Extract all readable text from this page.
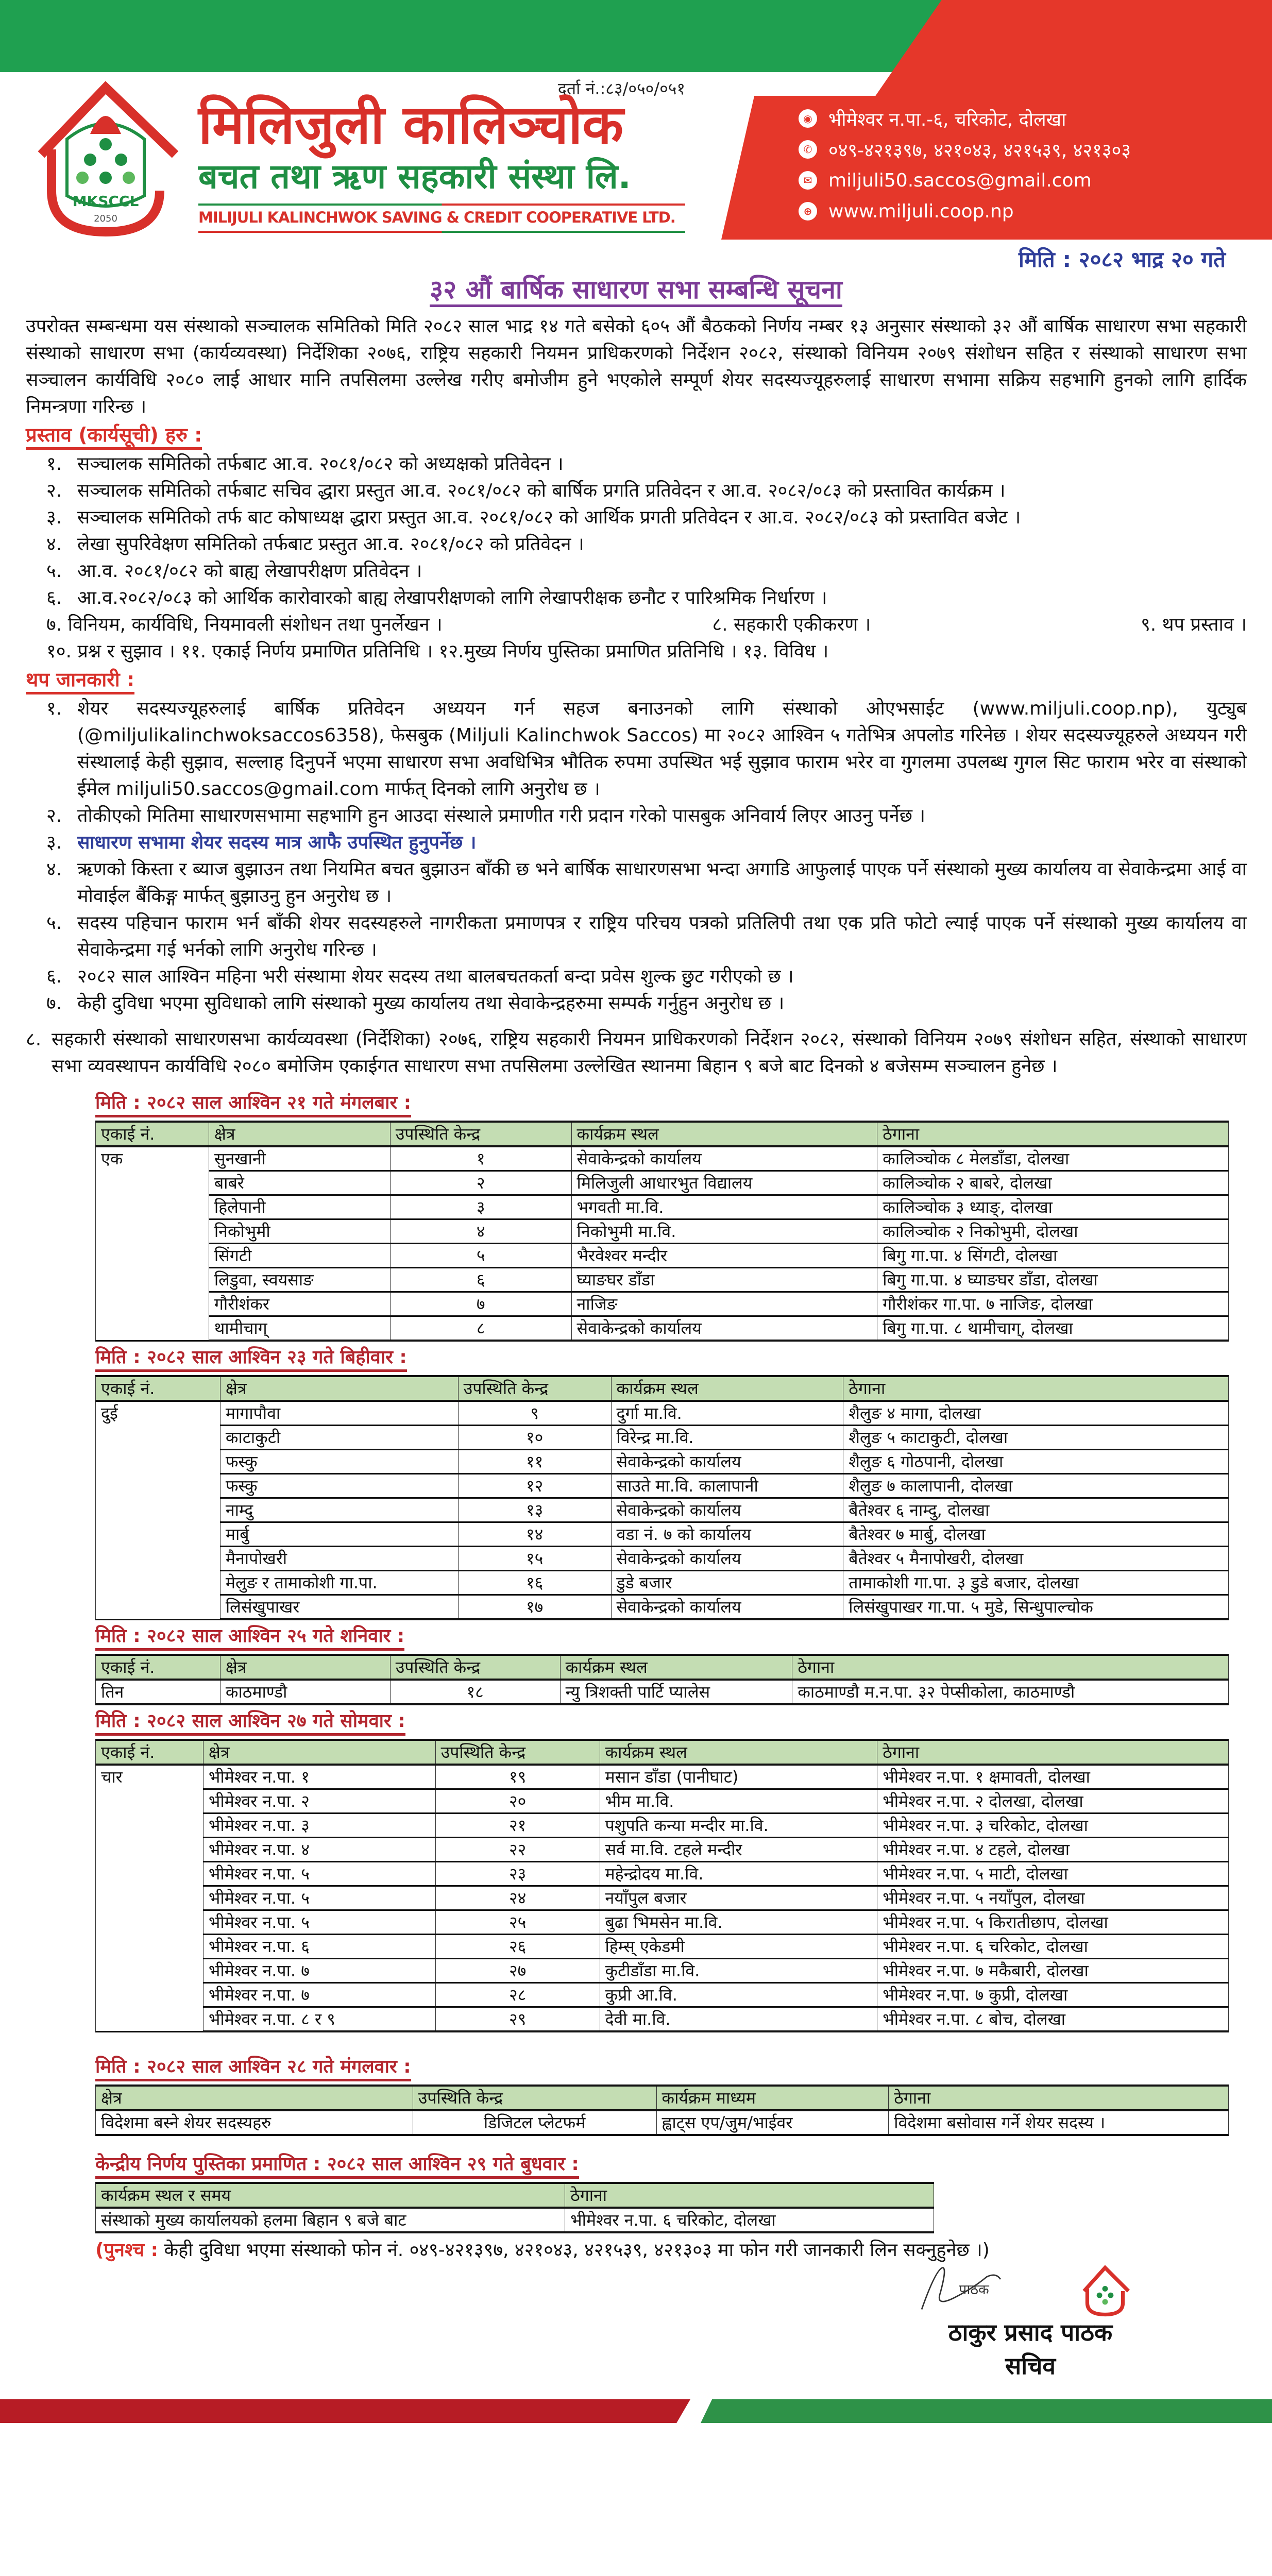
MKSCCL
2050
दर्ता नं.:८३/०५०/०५१
मिलिजुली कालिञ्चोक
बचत तथा ऋण सहकारी संस्था लि.
MILIJULI KALINCHWOK SAVING & CREDIT COOPERATIVE LTD.
◉ भीमेश्वर न.पा.-६, चरिकोट, दोलखा
✆ ०४९-४२१३९७, ४२१०४३, ४२१५३९, ४२१३०३
✉ miljuli50.saccos@gmail.com
⊕ www.miljuli.coop.np
मिति : २०८२ भाद्र २० गते
३२ औं बार्षिक साधारण सभा सम्बन्धि सूचना

उपरोक्त सम्बन्धमा यस संस्थाको सञ्चालक समितिको मिति २०८२ साल भाद्र १४ गते बसेको ६०५ औं बैठकको निर्णय नम्बर १३ अनुसार संस्थाको ३२ औं बार्षिक साधारण सभा सहकारी संस्थाको साधारण सभा (कार्यव्यवस्था) निर्देशिका २०७६, राष्ट्रिय सहकारी नियमन प्राधिकरणको निर्देशन २०८२, संस्थाको विनियम २०७९ संशोधन सहित र संस्थाको साधारण सभा सञ्चालन कार्यविधि २०८० लाई आधार मानि तपसिलमा उल्लेख गरीए बमोजीम हुने भएकोले सम्पूर्ण शेयर सदस्यज्यूहरुलाई साधारण सभामा सक्रिय सहभागि हुनको लागि हार्दिक निमन्त्रणा गरिन्छ ।

प्रस्ताव (कार्यसूची) हरु :
१. सञ्चालक समितिको तर्फबाट आ.व. २०८१/०८२ को अध्यक्षको प्रतिवेदन ।
२. सञ्चालक समितिको तर्फबाट सचिव द्धारा प्रस्तुत आ.व. २०८१/०८२ को बार्षिक प्रगति प्रतिवेदन र आ.व. २०८२/०८३ को प्रस्तावित कार्यक्रम ।
३. सञ्चालक समितिको तर्फ बाट कोषाध्यक्ष द्धारा प्रस्तुत आ.व. २०८१/०८२ को आर्थिक प्रगती प्रतिवेदन र आ.व. २०८२/०८३ को प्रस्तावित बजेट ।
४. लेखा सुपरिवेक्षण समितिको तर्फबाट प्रस्तुत आ.व. २०८१/०८२ को प्रतिवेदन ।
५. आ.व. २०८१/०८२ को बाह्य लेखापरीक्षण प्रतिवेदन ।
६. आ.व.२०८२/०८३ को आर्थिक कारोवारको बाह्य लेखापरीक्षणको लागि लेखापरीक्षक छनौट र पारिश्रमिक निर्धारण ।
७. विनियम, कार्यविधि, नियमावली संशोधन तथा पुनर्लेखन ।	८. सहकारी एकीकरण ।	९. थप प्रस्ताव ।
१०. प्रश्न र सुझाव । ११. एकाई निर्णय प्रमाणित प्रतिनिधि । १२.मुख्य निर्णय पुस्तिका प्रमाणित प्रतिनिधि । १३. विविध ।
थप जानकारी :
१. शेयर सदस्यज्यूहरुलाई बार्षिक प्रतिवेदन अध्ययन गर्न सहज बनाउनको लागि संस्थाको ओएभसाईट (www.miljuli.coop.np), युट्युब (@miljulikalinchwoksaccos6358), फेसबुक (Miljuli Kalinchwok Saccos) मा २०८२ आश्विन ५ गतेभित्र अपलोड गरिनेछ । शेयर सदस्यज्यूहरुले अध्ययन गरी संस्थालाई केही सुझाव, सल्लाह दिनुपर्ने भएमा साधारण सभा अवधिभित्र भौतिक रुपमा उपस्थित भई सुझाव फाराम भरेर वा गुगलमा उपलब्ध गुगल सिट फाराम भरेर वा संस्थाको ईमेल miljuli50.saccos@gmail.com मार्फत् दिनको लागि अनुरोध छ ।
२. तोकीएको मितिमा साधारणसभामा सहभागि हुन आउदा संस्थाले प्रमाणीत गरी प्रदान गरेको पासबुक अनिवार्य लिएर आउनु पर्नेछ ।
३. साधारण सभामा शेयर सदस्य मात्र आफै उपस्थित हुनुपर्नेछ ।
४. ऋणको किस्ता र ब्याज बुझाउन तथा नियमित बचत बुझाउन बाँकी छ भने बार्षिक साधारणसभा भन्दा अगाडि आफुलाई पाएक पर्ने संस्थाको मुख्य कार्यालय वा सेवाकेन्द्रमा आई वा मोवाईल बैंकिङ्ग मार्फत् बुझाउनु हुन अनुरोध छ ।
५. सदस्य पहिचान फाराम भर्न बाँकी शेयर सदस्यहरुले नागरीकता प्रमाणपत्र र राष्ट्रिय परिचय पत्रको प्रतिलिपी तथा एक प्रति फोटो ल्याई पाएक पर्ने संस्थाको मुख्य कार्यालय वा सेवाकेन्द्रमा गई भर्नको लागि अनुरोध गरिन्छ ।
६. २०८२ साल आश्विन महिना भरी संस्थामा शेयर सदस्य तथा बालबचतकर्ता बन्दा प्रवेस शुल्क छुट गरीएको छ ।
७. केही दुविधा भएमा सुविधाको लागि संस्थाको मुख्य कार्यालय तथा सेवाकेन्द्रहरुमा सम्पर्क गर्नुहुन अनुरोध छ ।
८. सहकारी संस्थाको साधारणसभा कार्यव्यवस्था (निर्देशिका) २०७६, राष्ट्रिय सहकारी नियमन प्राधिकरणको निर्देशन २०८२, संस्थाको विनियम २०७९ संशोधन सहित, संस्थाको साधारण सभा व्यवस्थापन कार्यविधि २०८० बमोजिम एकाईगत साधारण सभा तपसिलमा उल्लेखित स्थानमा बिहान ९ बजे बाट दिनको ४ बजेसम्म सञ्चालन हुनेछ ।
मिति : २०८२ साल आश्विन २१ गते मंगलबार :
एकाई नं.	क्षेत्र	उपस्थिति केन्द्र	कार्यक्रम स्थल	ठेगाना
एक	सुनखानी	१	सेवाकेन्द्रको कार्यालय	कालिञ्चोक ८ मेलडाँडा, दोलखा
	बाबरे	२	मिलिजुली आधारभुत विद्यालय	कालिञ्चोक २ बाबरे, दोलखा
	हिलेपानी	३	भगवती मा.वि.	कालिञ्चोक ३ ध्याङ्, दोलखा
	निकोभुमी	४	निकोभुमी मा.वि.	कालिञ्चोक २ निकोभुमी, दोलखा
	सिंगटी	५	भैरवेश्वर मन्दीर	बिगु गा.पा. ४ सिंगटी, दोलखा
	लिडुवा, स्वयसाङ	६	घ्याङघर डाँडा	बिगु गा.पा. ४ घ्याङघर डाँडा, दोलखा
	गौरीशंकर	७	नाजिङ	गौरीशंकर गा.पा. ७ नाजिङ, दोलखा
	थामीचाग्	८	सेवाकेन्द्रको कार्यालय	बिगु गा.पा. ८ थामीचाग्, दोलखा
मिति : २०८२ साल आश्विन २३ गते बिहीवार :
एकाई नं.	क्षेत्र	उपस्थिति केन्द्र	कार्यक्रम स्थल	ठेगाना
दुई	मागापौवा	९	दुर्गा मा.वि.	शैलुङ ४ मागा, दोलखा
	काटाकुटी	१०	विरेन्द्र मा.वि.	शैलुङ ५ काटाकुटी, दोलखा
	फस्कु	११	सेवाकेन्द्रको कार्यालय	शैलुङ ६ गोठपानी, दोलखा
	फस्कु	१२	साउते मा.वि. कालापानी	शैलुङ ७ कालापानी, दोलखा
	नाम्दु	१३	सेवाकेन्द्रको कार्यालय	बैतेश्वर ६ नाम्दु, दोलखा
	मार्बु	१४	वडा नं. ७ को कार्यालय	बैतेश्वर ७ मार्बु, दोलखा
	मैनापोखरी	१५	सेवाकेन्द्रको कार्यालय	बैतेश्वर ५ मैनापोखरी, दोलखा
	मेलुङ र तामाकोशी गा.पा.	१६	डुडे बजार	तामाकोशी गा.पा. ३ डुडे बजार, दोलखा
	लिसंखुपाखर	१७	सेवाकेन्द्रको कार्यालय	लिसंखुपाखर गा.पा. ५ मुडे, सिन्धुपाल्चोक
मिति : २०८२ साल आश्विन २५ गते शनिवार :
एकाई नं.	क्षेत्र	उपस्थिति केन्द्र	कार्यक्रम स्थल	ठेगाना
तिन	काठमाण्डौ	१८	न्यु त्रिशक्ती पार्टि प्यालेस	काठमाण्डौ म.न.पा. ३२ पेप्सीकोला, काठमाण्डौ
मिति : २०८२ साल आश्विन २७ गते सोमवार :
एकाई नं.	क्षेत्र	उपस्थिति केन्द्र	कार्यक्रम स्थल	ठेगाना
चार	भीमेश्वर न.पा. १	१९	मसान डाँडा (पानीघाट)	भीमेश्वर न.पा. १ क्षमावती, दोलखा
	भीमेश्वर न.पा. २	२०	भीम मा.वि.	भीमेश्वर न.पा. २ दोलखा, दोलखा
	भीमेश्वर न.पा. ३	२१	पशुपति कन्या मन्दीर मा.वि.	भीमेश्वर न.पा. ३ चरिकोट, दोलखा
	भीमेश्वर न.पा. ४	२२	सर्व मा.वि. टहले मन्दीर	भीमेश्वर न.पा. ४ टहले, दोलखा
	भीमेश्वर न.पा. ५	२३	महेन्द्रोदय मा.वि.	भीमेश्वर न.पा. ५ माटी, दोलखा
	भीमेश्वर न.पा. ५	२४	नयाँपुल बजार	भीमेश्वर न.पा. ५ नयाँपुल, दोलखा
	भीमेश्वर न.पा. ५	२५	बुढा भिमसेन मा.वि.	भीमेश्वर न.पा. ५ किरातीछाप, दोलखा
	भीमेश्वर न.पा. ६	२६	हिम्स् एकेडमी	भीमेश्वर न.पा. ६ चरिकोट, दोलखा
	भीमेश्वर न.पा. ७	२७	कुटीडाँडा मा.वि.	भीमेश्वर न.पा. ७ मकैबारी, दोलखा
	भीमेश्वर न.पा. ७	२८	कुप्री आ.वि.	भीमेश्वर न.पा. ७ कुप्री, दोलखा
	भीमेश्वर न.पा. ८ र ९	२९	देवी मा.वि.	भीमेश्वर न.पा. ८ बोच, दोलखा
मिति : २०८२ साल आश्विन २८ गते मंगलवार :
क्षेत्र	उपस्थिति केन्द्र	कार्यक्रम माध्यम	ठेगाना
विदेशमा बस्ने शेयर सदस्यहरु	डिजिटल प्लेटफर्म	ह्वाट्स एप/जुम/भाईवर	विदेशमा बसोवास गर्ने शेयर सदस्य ।
केन्द्रीय निर्णय पुस्तिका प्रमाणित : २०८२ साल आश्विन २९ गते बुधवार :
कार्यक्रम स्थल र समय	ठेगाना
संस्थाको मुख्य कार्यालयको हलमा बिहान ९ बजे बाट	भीमेश्वर न.पा. ६ चरिकोट, दोलखा
(पुनश्च : केही दुविधा भएमा संस्थाको फोन नं. ०४९-४२१३९७, ४२१०४३, ४२१५३९, ४२१३०३ मा फोन गरी जानकारी लिन सक्नुहुनेछ ।)
पाठक
ठाकुर प्रसाद पाठक
सचिव
